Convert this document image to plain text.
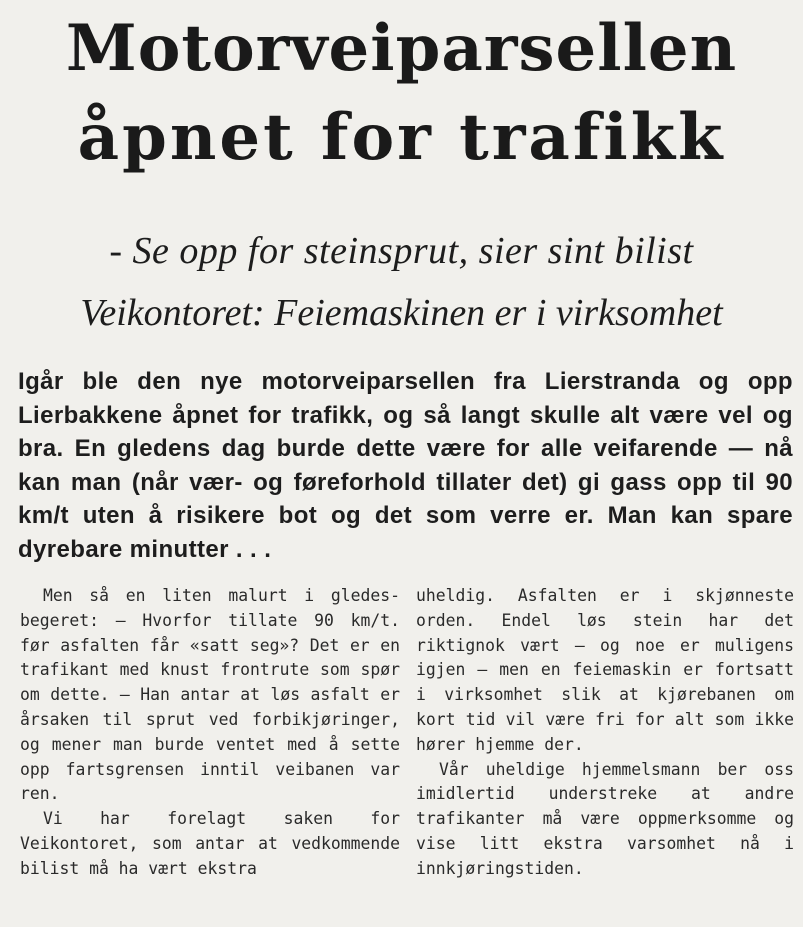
Motorveiparsellen
åpnet for trafikk
- Se opp for steinsprut, sier sint bilist
Veikontoret: Feiemaskinen er i virksomhet
Igår ble den nye motorveiparsellen fra Lierstranda og opp Lierbakkene åpnet for trafikk, og så langt skulle alt være vel og bra. En gledens dag burde dette være for alle veifarende — nå kan man (når vær- og føreforhold tillater det) gi gass opp til 90 km/t uten å risikere bot og det som verre er. Man kan spare dyrebare minutter . . .

Men så en liten malurt i gledes-begeret: — Hvorfor tillate 90 km/t. før asfalten får «satt seg»? Det er en trafikant med knust frontrute som spør om dette. — Han antar at løs asfalt er årsaken til sprut ved forbikjøringer, og mener man burde ventet med å sette opp fartsgrensen inntil veibanen var ren.

Vi har forelagt saken for Veikontoret, som antar at vedkommende bilist må ha vært ekstra

uheldig. Asfalten er i skjønneste orden. Endel løs stein har det riktignok vært — og noe er muligens igjen — men en feiemaskin er fortsatt i virksomhet slik at kjørebanen om kort tid vil være fri for alt som ikke hører hjemme der.

Vår uheldige hjemmelsmann ber oss imidlertid understreke at andre trafikanter må være oppmerksomme og vise litt ekstra varsomhet nå i innkjøringstiden.
